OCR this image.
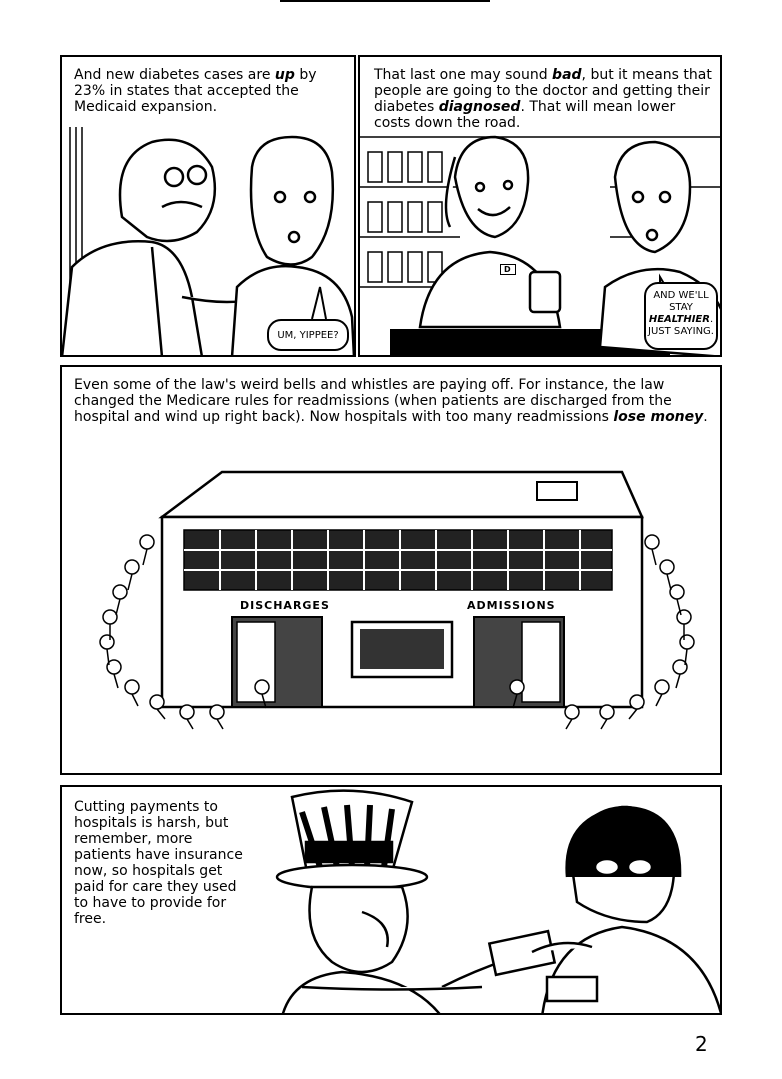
And new diabetes cases are up by 23% in states that accepted the Medicaid expansion.
UM, YIPPEE?
D
That last one may sound bad, but it means that people are going to the doctor and getting their diabetes diagnosed. That will mean lower costs down the road.
AND WE'LL STAY
HEALTHIER. JUST SAYING.
Even some of the law's weird bells and whistles are paying off. For instance, the law changed the Medicare rules for readmissions (when patients are discharged from the hospital and wind up right back). Now hospitals with too many readmissions lose money.
DISCHARGES	ADMISSIONS
Cutting payments to hospitals is harsh, but remember, more patients have insurance now, so hospitals get paid for care they used to have to provide for free.
2
